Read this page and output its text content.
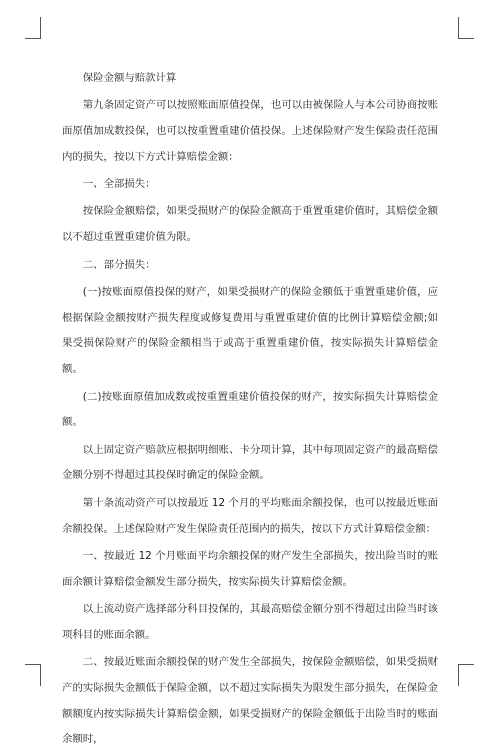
保险金额与赔款计算

第九条固定资产可以按照账面原值投保，也可以由被保险人与本公司协商按账面原值加成数投保，也可以按重置重建价值投保。上述保险财产发生保险责任范围内的损失，按以下方式计算赔偿金额：

一、全部损失：

按保险金额赔偿，如果受损财产的保险金额高于重置重建价值时，其赔偿金额以不超过重置重建价值为限。

二、部分损失：

(一)按账面原值投保的财产，如果受损财产的保险金额低于重置重建价值，应根据保险金额按财产损失程度或修复费用与重置重建价值的比例计算赔偿金额;如果受损保险财产的保险金额相当于或高于重置重建价值，按实际损失计算赔偿金额。

(二)按账面原值加成数或按重置重建价值投保的财产，按实际损失计算赔偿金额。

以上固定资产赔款应根据明细账、卡分项计算，其中每项固定资产的最高赔偿金额分别不得超过其投保时确定的保险金额。

第十条流动资产可以按最近 12 个月的平均账面余额投保，也可以按最近账面余额投保。上述保险财产发生保险责任范围内的损失，按以下方式计算赔偿金额：

一、按最近 12 个月账面平均余额投保的财产发生全部损失，按出险当时的账面余额计算赔偿金额发生部分损失，按实际损失计算赔偿金额。

以上流动资产选择部分科目投保的，其最高赔偿金额分别不得超过出险当时该项科目的账面余额。

二、按最近账面余额投保的财产发生全部损失，按保险金额赔偿，如果受损财产的实际损失金额低于保险金额，以不超过实际损失为限发生部分损失，在保险金额额度内按实际损失计算赔偿金额，如果受损财产的保险金额低于出险当时的账面余额时，
